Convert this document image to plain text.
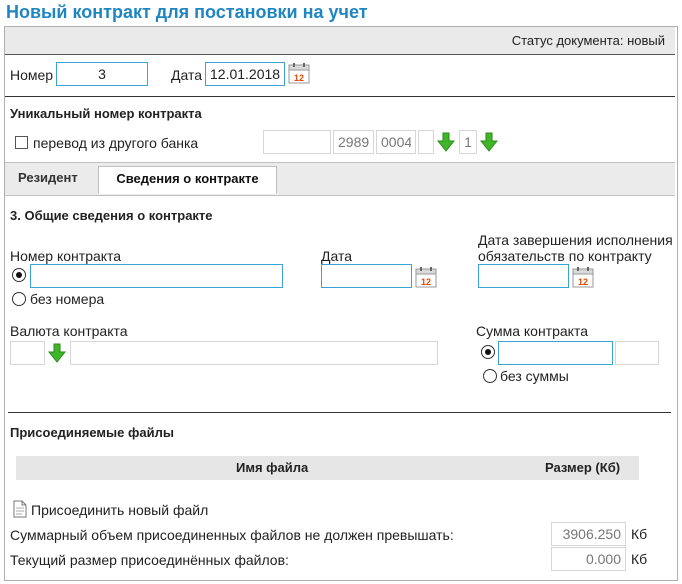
Новый контракт для постановки на учет
Статус документа: новый
Номер
3	Дата
12.01.2018	12
Уникальный номер контракта
перевод из другого банка
2989
0004
1
Резидент	Сведения о контракте
3. Общие сведения о контракте
Номер контракта
без номера
Дата
12
Дата завершения исполнения
обязательств по контракту
12
Валюта контракта	Сумма контракта
без суммы
Присоединяемые файлы
Имя файла	Размер (Кб)
Присоединить новый файл
Суммарный объем присоединенных файлов не должен превышать:
3906.250	Кб
Текущий размер присоединённых файлов:
0.000	Кб
